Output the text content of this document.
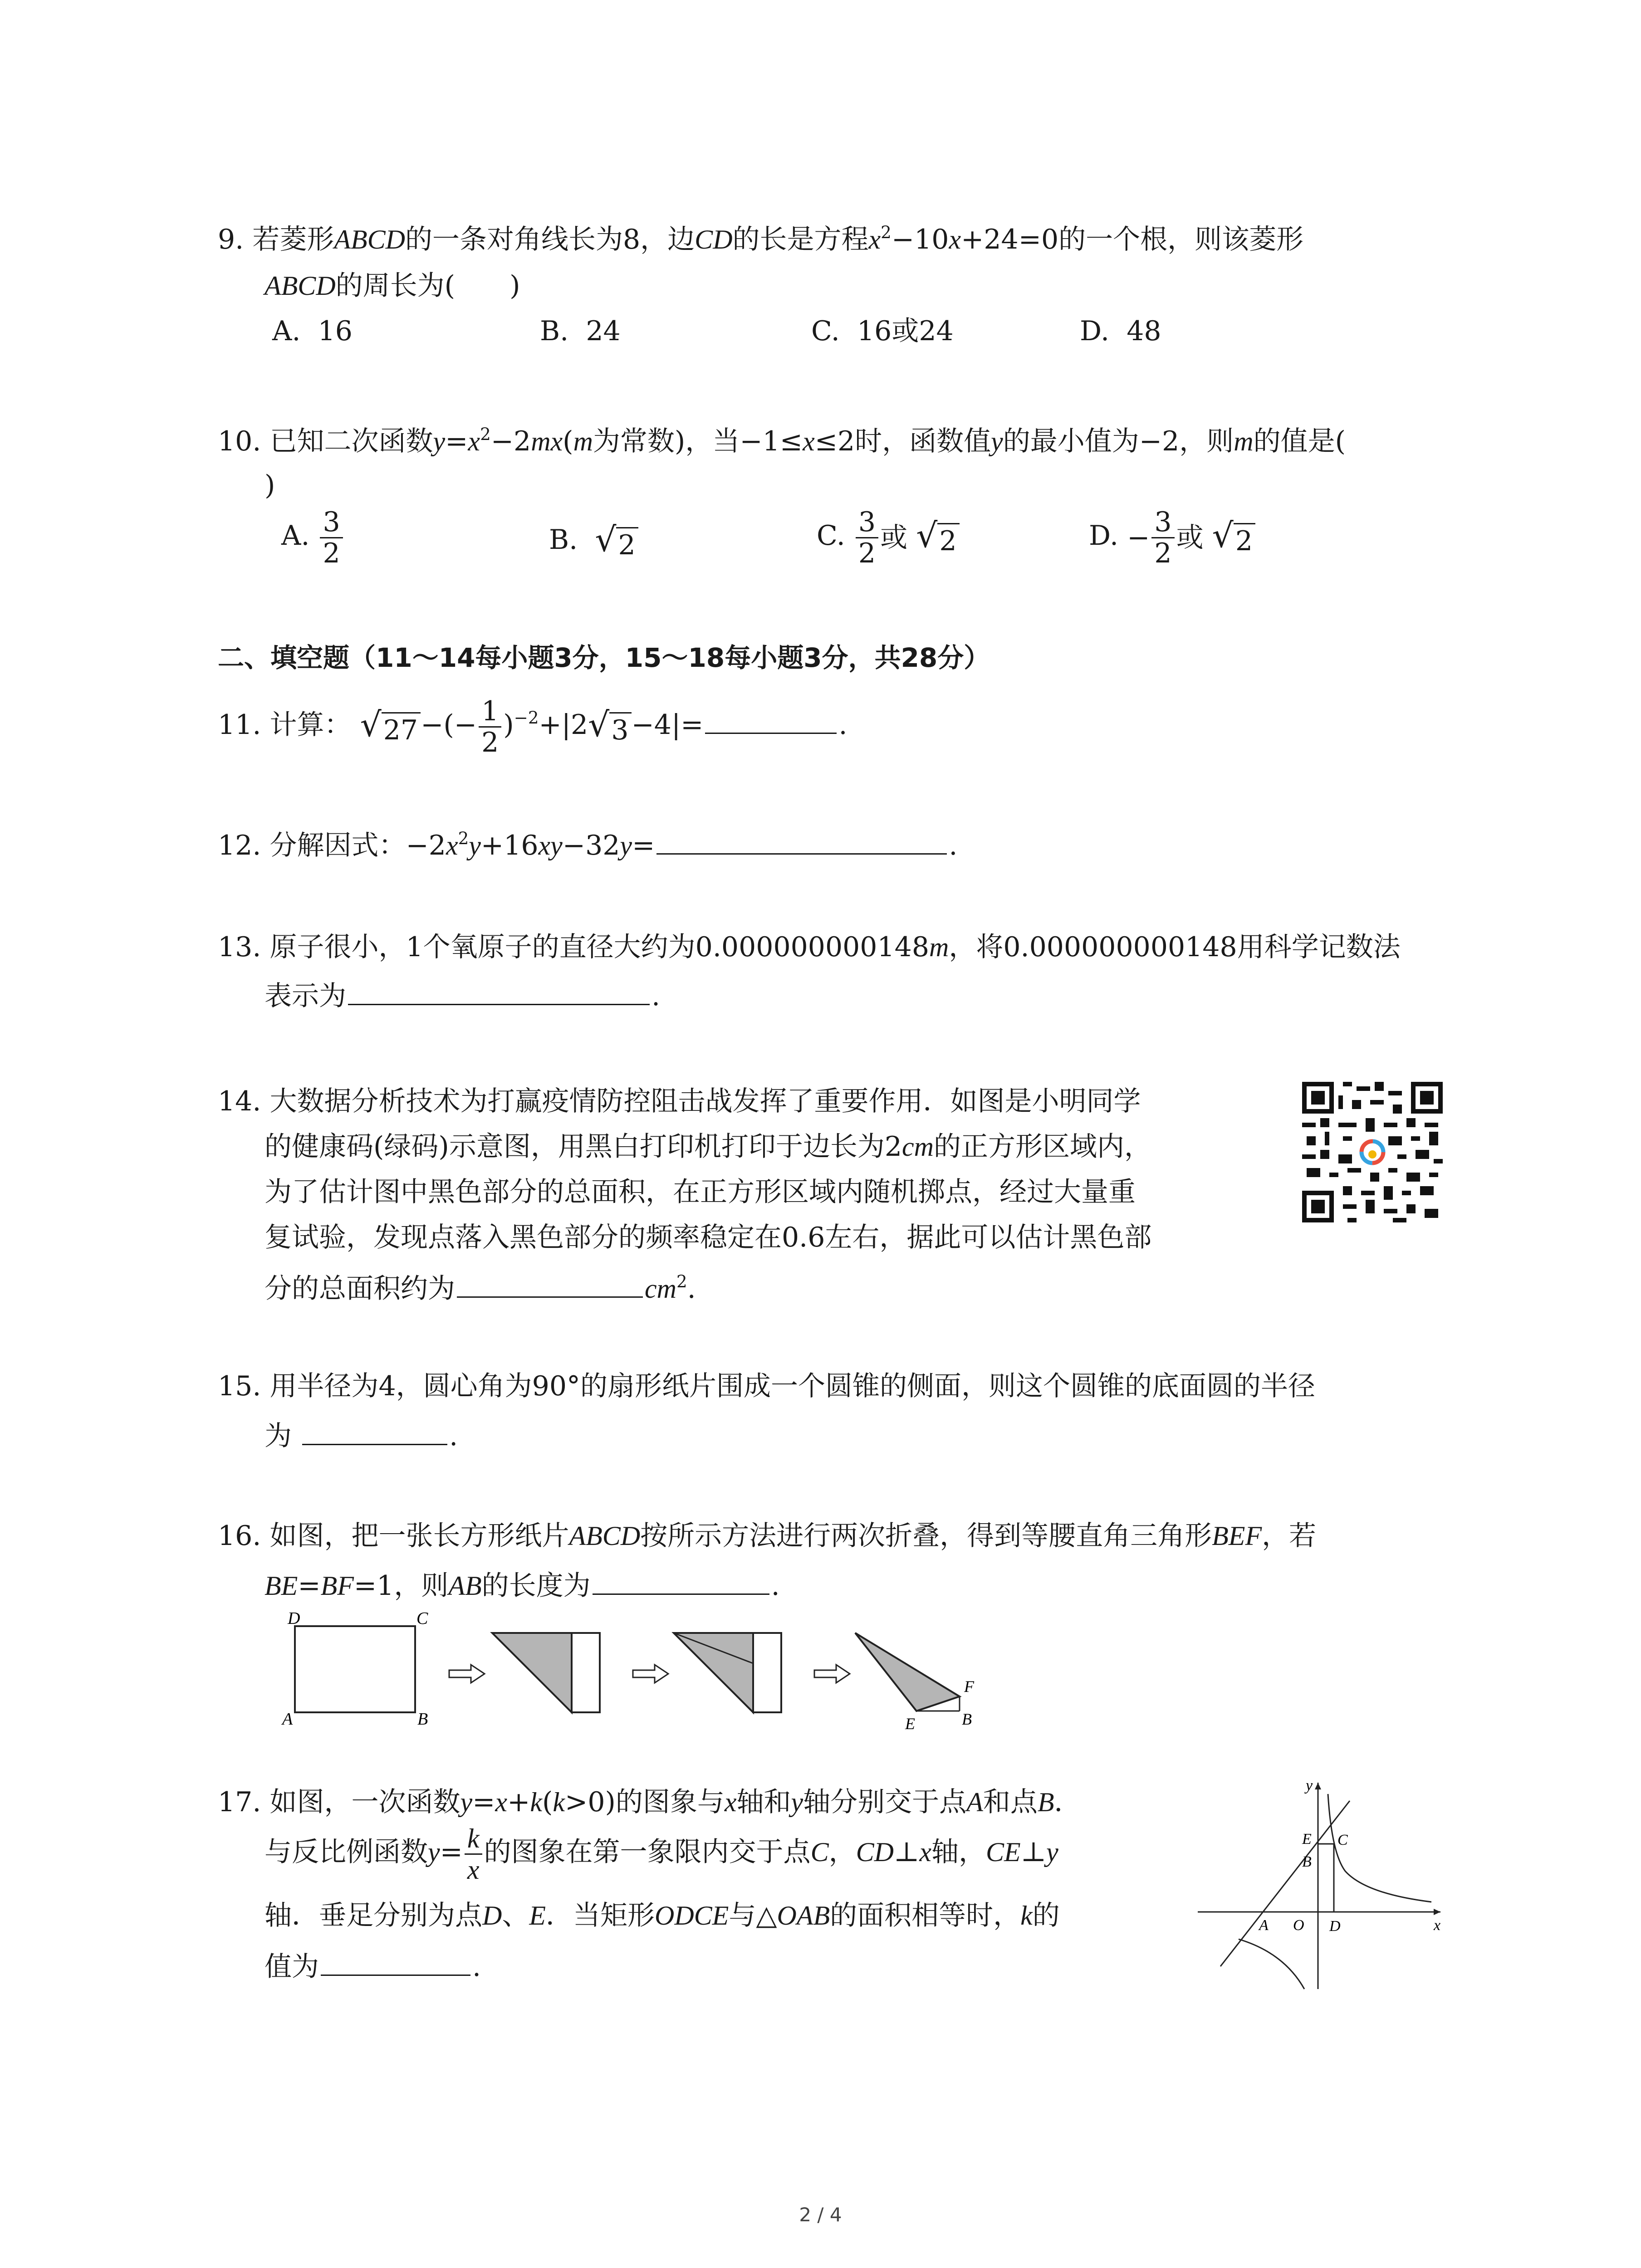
9. 若菱形ABCD的一条对角线长为8，边CD的长是方程$x^2-10x+24=0$的一个根，则该菱形
ABCD的周长为(　　)
A. 16	B. 24	C. 16或24	D. 48
10. 已知二次函数$y=x^2-2mx(m$为常数)，当−1≤x≤2时，函数值y的最小值为−2，则m的值是(
)
A. $\frac{3}{2}$	B. √2	C. $\frac{3}{2}$ 或 √2	D. − $\frac{3}{2}$ 或 √2
二、填空题（11～14每小题3分，15～18每小题3分，共28分）
11. 计算： √27 −(− $\frac{1}{2} )^{-2}+|2√3 -4|=$	.
12. 分解因式：$-2x^2y+16xy-32y=$	.
13. 原子很小，1个氧原子的直径大约为0.000000000148m，将0.000000000148用科学记数法
表示为	.
14. 大数据分析技术为打赢疫情防控阻击战发挥了重要作用．如图是小明同学
的健康码(绿码)示意图，用黑白打印机打印于边长为2cm的正方形区域内，
为了估计图中黑色部分的总面积，在正方形区域内随机掷点，经过大量重
复试验，发现点落入黑色部分的频率稳定在0.6左右，据此可以估计黑色部
分的总面积约为	$cm^2$.
15. 用半径为4，圆心角为90°的扇形纸片围成一个圆锥的侧面，则这个圆锥的底面圆的半径
为	.
16. 如图，把一张长方形纸片ABCD按所示方法进行两次折叠，得到等腰直角三角形BEF，若
BE=BF=1，则AB的长度为	.
D	C
A	B
F
E	B
17. 如图，一次函数y=x+k(k>0)的图象与x轴和y轴分别交于点A和点B．
与反比例函数$y= \frac{k}{x}$ 的图象在第一象限内交于点C，CD⊥x轴，CE⊥y
轴．垂足分别为点D、E．当矩形ODCE与△OAB的面积相等时，k的
值为	.
x
y
O
A
B
E C
D
2 / 4
